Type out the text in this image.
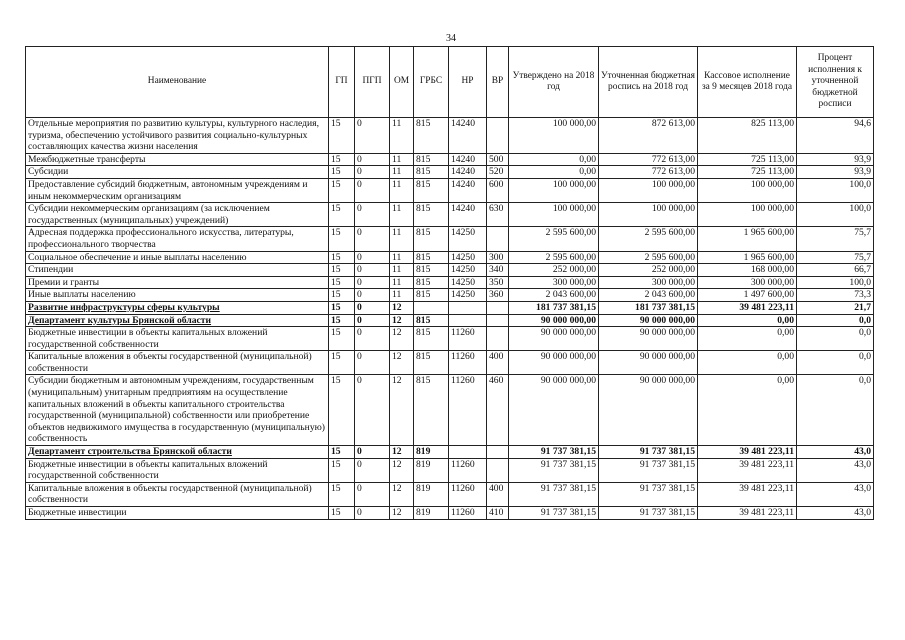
34
Наименование	ГП	ПГП	ОМ	ГРБС	НР	ВР	Утверждено на 2018 год	Уточненная бюджетная роспись на 2018 год	Кассовое исполнение за 9 месяцев 2018 года	Процент исполнения к уточненной бюджетной росписи
Отдельные мероприятия по развитию культуры, культурного наследия, туризма, обеспечению устойчивого развития социально-культурных составляющих качества жизни населения	15	0	11	815	14240		100 000,00	872 613,00	825 113,00	94,6
Межбюджетные трансферты	15	0	11	815	14240	500	0,00	772 613,00	725 113,00	93,9
Субсидии	15	0	11	815	14240	520	0,00	772 613,00	725 113,00	93,9
Предоставление субсидий бюджетным, автономным учреждениям и иным некоммерческим организациям	15	0	11	815	14240	600	100 000,00	100 000,00	100 000,00	100,0
Субсидии некоммерческим организациям (за исключением государственных (муниципальных) учреждений)	15	0	11	815	14240	630	100 000,00	100 000,00	100 000,00	100,0
Адресная поддержка профессионального искусства, литературы, профессионального творчества	15	0	11	815	14250		2 595 600,00	2 595 600,00	1 965 600,00	75,7
Социальное обеспечение и иные выплаты населению	15	0	11	815	14250	300	2 595 600,00	2 595 600,00	1 965 600,00	75,7
Стипендии	15	0	11	815	14250	340	252 000,00	252 000,00	168 000,00	66,7
Премии и гранты	15	0	11	815	14250	350	300 000,00	300 000,00	300 000,00	100,0
Иные выплаты населению	15	0	11	815	14250	360	2 043 600,00	2 043 600,00	1 497 600,00	73,3
Развитие инфраструктуры сферы культуры	15	0	12				181 737 381,15	181 737 381,15	39 481 223,11	21,7
Департамент культуры Брянской области	15	0	12	815			90 000 000,00	90 000 000,00	0,00	0,0
Бюджетные инвестиции в объекты капитальных вложений государственной собственности	15	0	12	815	11260		90 000 000,00	90 000 000,00	0,00	0,0
Капитальные вложения в объекты государственной (муниципальной) собственности	15	0	12	815	11260	400	90 000 000,00	90 000 000,00	0,00	0,0
Субсидии бюджетным и автономным учреждениям, государственным (муниципальным) унитарным предприятиям на осуществление капитальных вложений в объекты капитального строительства государственной (муниципальной) собственности или приобретение объектов недвижимого имущества в государственную (муниципальную) собственность	15	0	12	815	11260	460	90 000 000,00	90 000 000,00	0,00	0,0
Департамент строительства Брянской области	15	0	12	819			91 737 381,15	91 737 381,15	39 481 223,11	43,0
Бюджетные инвестиции в объекты капитальных вложений государственной собственности	15	0	12	819	11260		91 737 381,15	91 737 381,15	39 481 223,11	43,0
Капитальные вложения в объекты государственной (муниципальной) собственности	15	0	12	819	11260	400	91 737 381,15	91 737 381,15	39 481 223,11	43,0
Бюджетные инвестиции	15	0	12	819	11260	410	91 737 381,15	91 737 381,15	39 481 223,11	43,0
